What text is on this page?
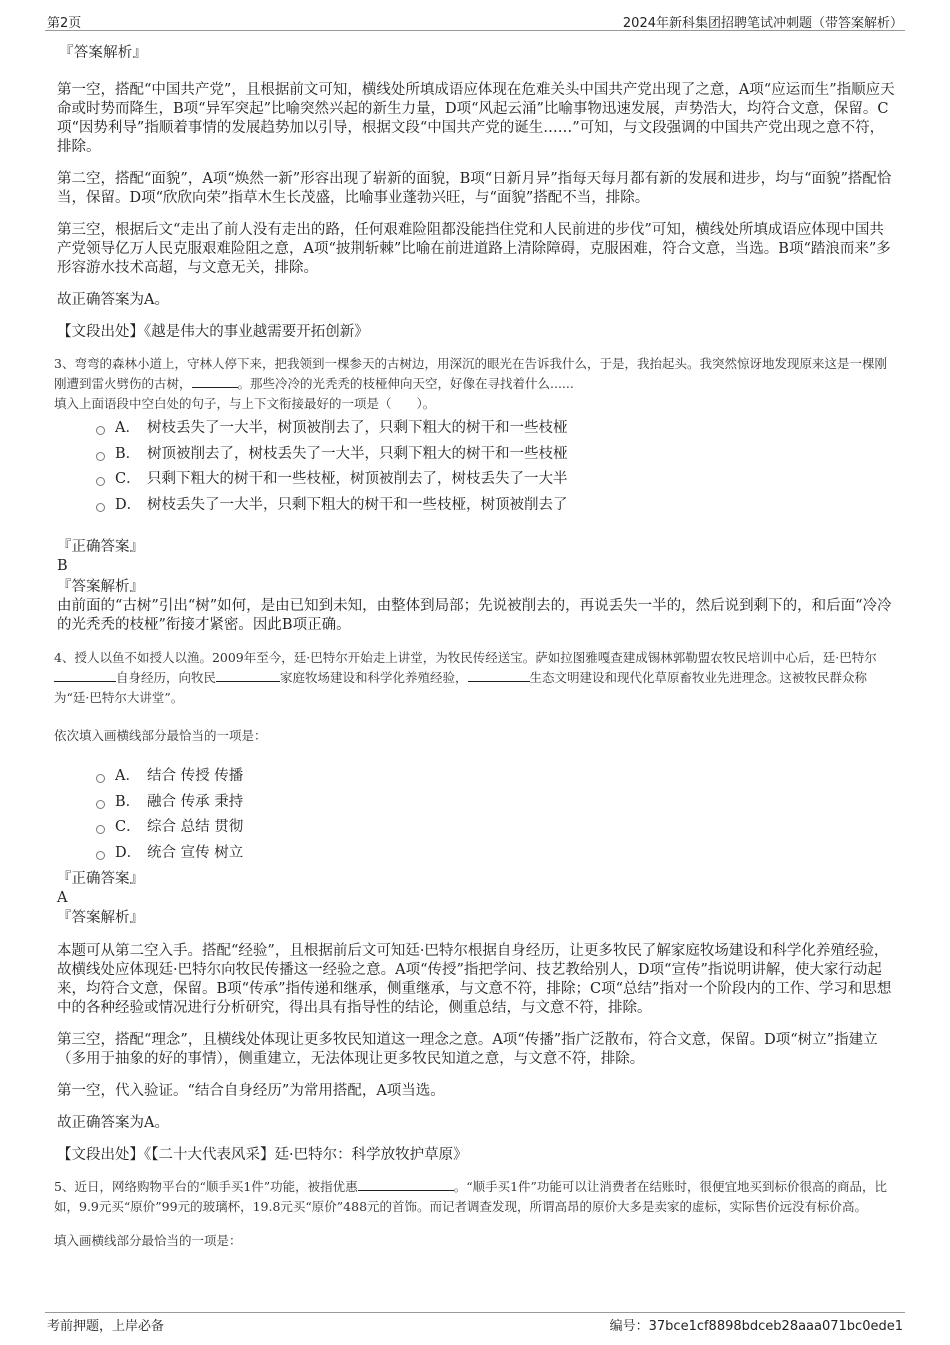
第2页	2024年新科集团招聘笔试冲刺题（带答案解析）

『答案解析』

第一空，搭配“中国共产党”，且根据前文可知，横线处所填成语应体现在危难关头中国共产党出现了之意，A项“应运而生”指顺应天命或时势而降生，B项“异军突起”比喻突然兴起的新生力量，D项“风起云涌”比喻事物迅速发展，声势浩大，均符合文意，保留。C项“因势利导”指顺着事情的发展趋势加以引导，根据文段“中国共产党的诞生……”可知，与文段强调的中国共产党出现之意不符，排除。

第二空，搭配“面貌”，A项“焕然一新”形容出现了崭新的面貌，B项“日新月异”指每天每月都有新的发展和进步，均与“面貌”搭配恰当，保留。D项“欣欣向荣”指草木生长茂盛，比喻事业蓬勃兴旺，与“面貌”搭配不当，排除。

第三空，根据后文“走出了前人没有走出的路，任何艰难险阻都没能挡住党和人民前进的步伐”可知，横线处所填成语应体现中国共产党领导亿万人民克服艰难险阻之意，A项“披荆斩棘”比喻在前进道路上清除障碍，克服困难，符合文意，当选。B项“踏浪而来”多形容游水技术高超，与文意无关，排除。

故正确答案为A。

【文段出处】《越是伟大的事业越需要开拓创新》

3、弯弯的森林小道上，守林人停下来，把我领到一棵参天的古树边，用深沉的眼光在告诉我什么，于是，我抬起头。我突然惊讶地发现原来这是一棵刚刚遭到雷火劈伤的古树，	。那些冷冷的光秃秃的枝桠伸向天空，好像在寻找着什么......

填入上面语段中空白处的句子，与上下文衔接最好的一项是（　　）。

A． 树枝丢失了一大半，树顶被削去了，只剩下粗大的树干和一些枝桠
B． 树顶被削去了，树枝丢失了一大半，只剩下粗大的树干和一些枝桠
C． 只剩下粗大的树干和一些枝桠，树顶被削去了，树枝丢失了一大半
D． 树枝丢失了一大半，只剩下粗大的树干和一些枝桠，树顶被削去了

『正确答案』

B

『答案解析』

由前面的“古树”引出“树”如何，是由已知到未知，由整体到局部；先说被削去的，再说丢失一半的，然后说到剩下的，和后面“冷冷的光秃秃的枝桠”衔接才紧密。因此B项正确。

4、授人以鱼不如授人以渔。2009年至今，廷·巴特尔开始走上讲堂，为牧民传经送宝。萨如拉图雅嘎查建成锡林郭勒盟农牧民培训中心后，廷·巴特尔自身经历，向牧民	家庭牧场建设和科学化养殖经验，	生态文明建设和现代化草原畜牧业先进理念。这被牧民群众称为“廷·巴特尔大讲堂”。

依次填入画横线部分最恰当的一项是：

A． 结合 传授 传播
B． 融合 传承 秉持
C． 综合 总结 贯彻
D． 统合 宣传 树立

『正确答案』

A

『答案解析』

本题可从第二空入手。搭配“经验”，且根据前后文可知廷·巴特尔根据自身经历，让更多牧民了解家庭牧场建设和科学化养殖经验，故横线处应体现廷·巴特尔向牧民传播这一经验之意。A项“传授”指把学问、技艺教给别人，D项“宣传”指说明讲解，使大家行动起来，均符合文意，保留。B项“传承”指传递和继承，侧重继承，与文意不符，排除；C项“总结”指对一个阶段内的工作、学习和思想中的各种经验或情况进行分析研究，得出具有指导性的结论，侧重总结，与文意不符，排除。

第三空，搭配“理念”，且横线处体现让更多牧民知道这一理念之意。A项“传播”指广泛散布，符合文意，保留。D项“树立”指建立（多用于抽象的好的事情），侧重建立，无法体现让更多牧民知道之意，与文意不符，排除。

第一空，代入验证。“结合自身经历”为常用搭配，A项当选。

故正确答案为A。

【文段出处】《【二十大代表风采】廷·巴特尔：科学放牧护草原》

5、近日，网络购物平台的“顺手买1件”功能，被指优惠	。“顺手买1件”功能可以让消费者在结账时，很便宜地买到标价很高的商品，比如，9.9元买“原价”99元的玻璃杯，19.8元买“原价”488元的首饰。而记者调查发现，所谓高昂的原价大多是卖家的虚标，实际售价远没有标价高。

填入画横线部分最恰当的一项是：

考前押题，上岸必备	编号：37bce1cf8898bdceb28aaa071bc0ede1
